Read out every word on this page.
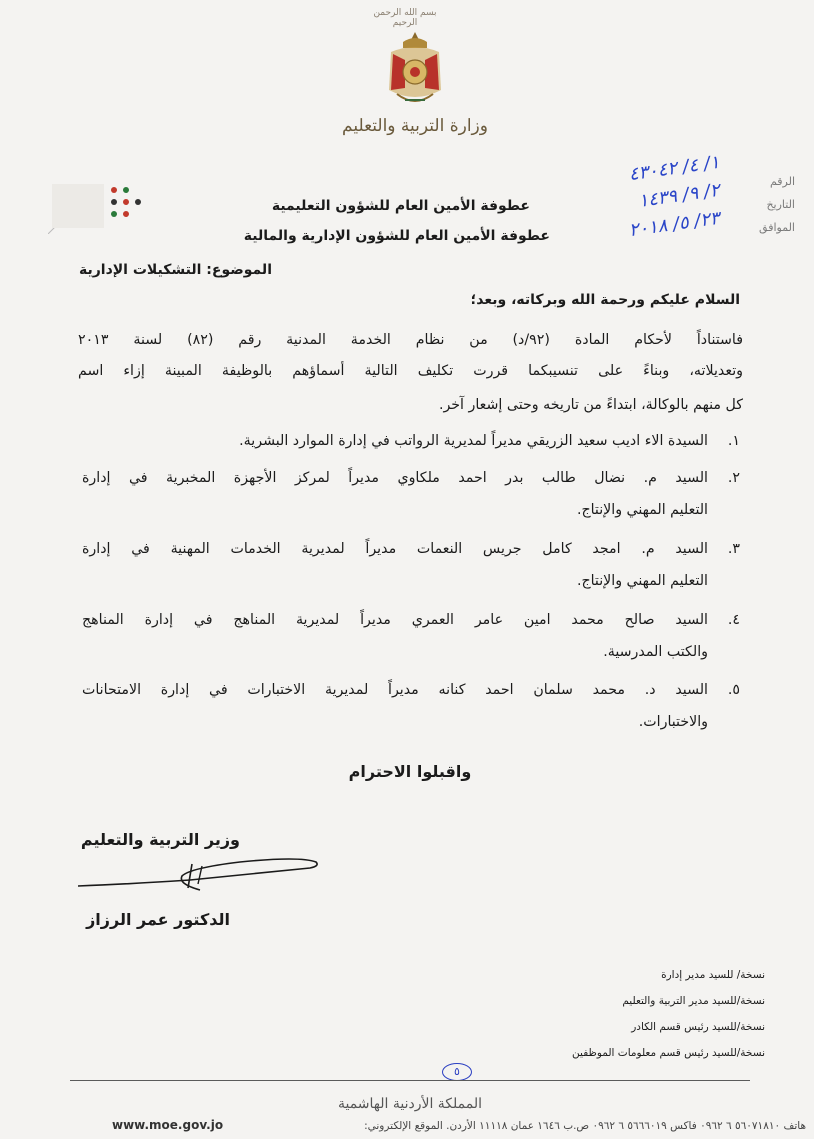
بسم الله الرحمن الرحيم
وزارة التربية والتعليم
الرقم
التاريخ
الموافق
١/ ٤/ ٤٣٠٤٢
٢/ ٩/ ١٤٣٩
٢٣/ ٥/ ٢٠١٨
عطوفة الأمين العام للشؤون التعليمية
عطوفة الأمين العام للشؤون الإدارية والمالية
الموضوع: التشكيلات الإدارية
السلام عليكم ورحمة الله وبركاته، وبعد؛
فاستناداً لأحكام المادة (٩٢/د) من نظام الخدمة المدنية رقم (٨٢) لسنة ٢٠١٣
وتعديلاته، وبناءً على تنسيبكما قررت تكليف التالية أسماؤهم بالوظيفة المبينة إزاء اسم
كل منهم بالوكالة، ابتداءً من تاريخه وحتى إشعار آخر.
١.
السيدة الاء اديب سعيد الزريقي مديراً لمديرية الرواتب في إدارة الموارد البشرية.
٢.
السيد م. نضال طالب بدر احمد ملكاوي مديراً لمركز الأجهزة المخبرية في إدارة
التعليم المهني والإنتاج.
٣.
السيد م. امجد كامل جريس النعمات مديراً لمديرية الخدمات المهنية في إدارة
التعليم المهني والإنتاج.
٤.
السيد صالح محمد امين عامر العمري مديراً لمديرية المناهج في إدارة المناهج
والكتب المدرسية.
٥.
السيد د. محمد سلمان احمد كنانه مديراً لمديرية الاختبارات في إدارة الامتحانات
والاختبارات.
واقبلوا الاحترام
وزير التربية والتعليم
الدكتور عمر الرزاز
نسخة/ للسيد مدير إدارة
نسخة/للسيد مدير التربية والتعليم
نسخة/للسيد رئيس قسم الكادر
نسخة/للسيد رئيس قسم معلومات الموظفين
٥
المملكة الأردنية الهاشمية
هاتف ٥٦٠٧١٨١٠ ٦ ٠٩٦٢ فاكس ٥٦٦٦٠١٩ ٦ ٠٩٦٢ ص.ب ١٦٤٦ عمان ١١١١٨ الأردن. الموقع الإلكتروني:
www.moe.gov.jo
